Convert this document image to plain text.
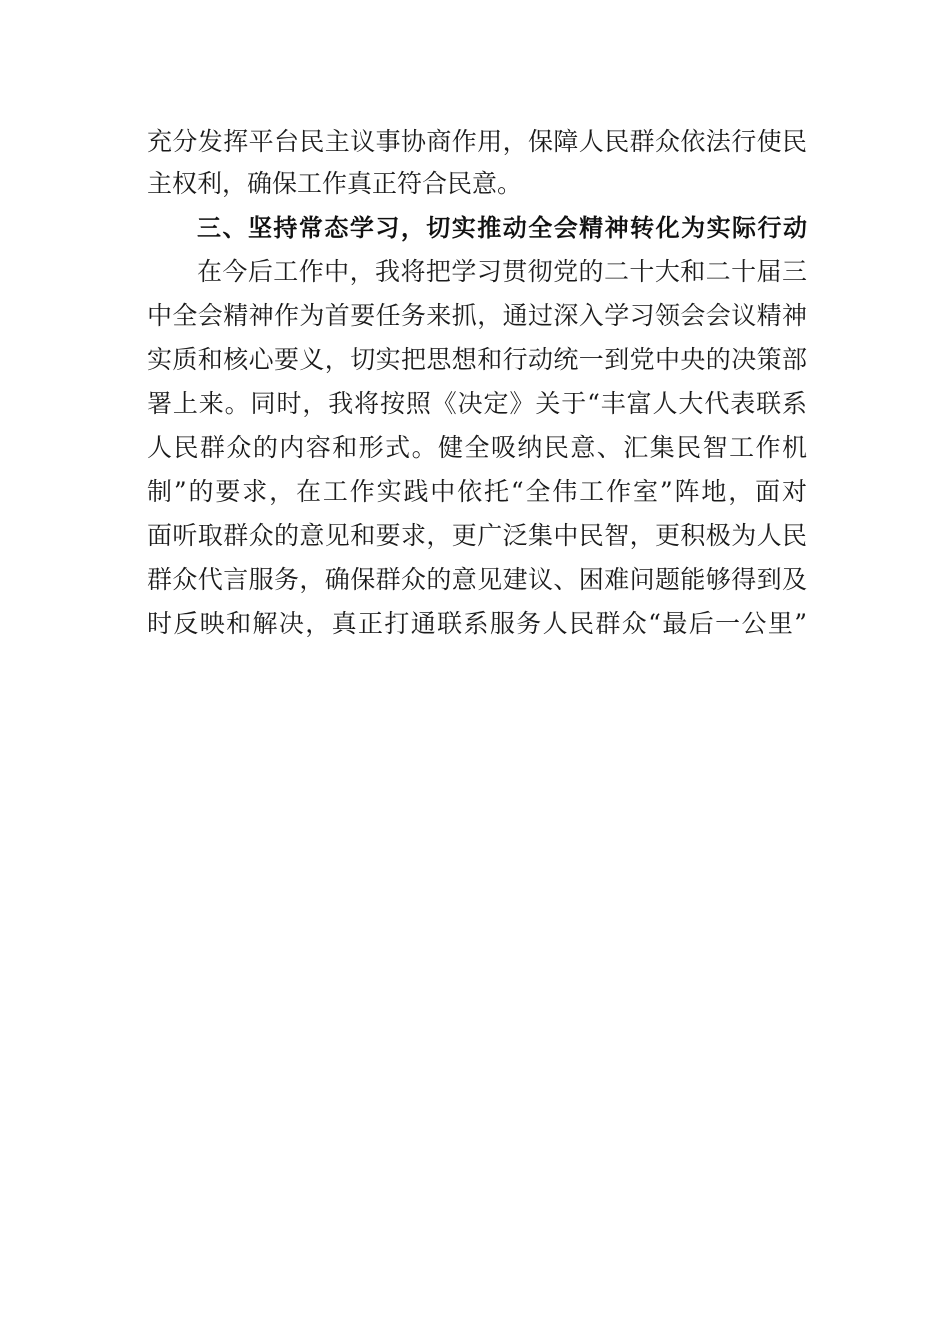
充分发挥平台民主议事协商作用，保障人民群众依法行使民
主权利，确保工作真正符合民意。
三、坚持常态学习，切实推动全会精神转化为实际行动
在今后工作中，我将把学习贯彻党的二十大和二十届三
中全会精神作为首要任务来抓，通过深入学习领会会议精神
实质和核心要义，切实把思想和行动统一到党中央的决策部
署上来。同时，我将按照《决定》关于“丰富人大代表联系
人民群众的内容和形式。健全吸纳民意、汇集民智工作机
制”的要求，在工作实践中依托“全伟工作室”阵地，面对
面听取群众的意见和要求，更广泛集中民智，更积极为人民
群众代言服务，确保群众的意见建议、困难问题能够得到及
时反映和解决，真正打通联系服务人民群众“最后一公里”
